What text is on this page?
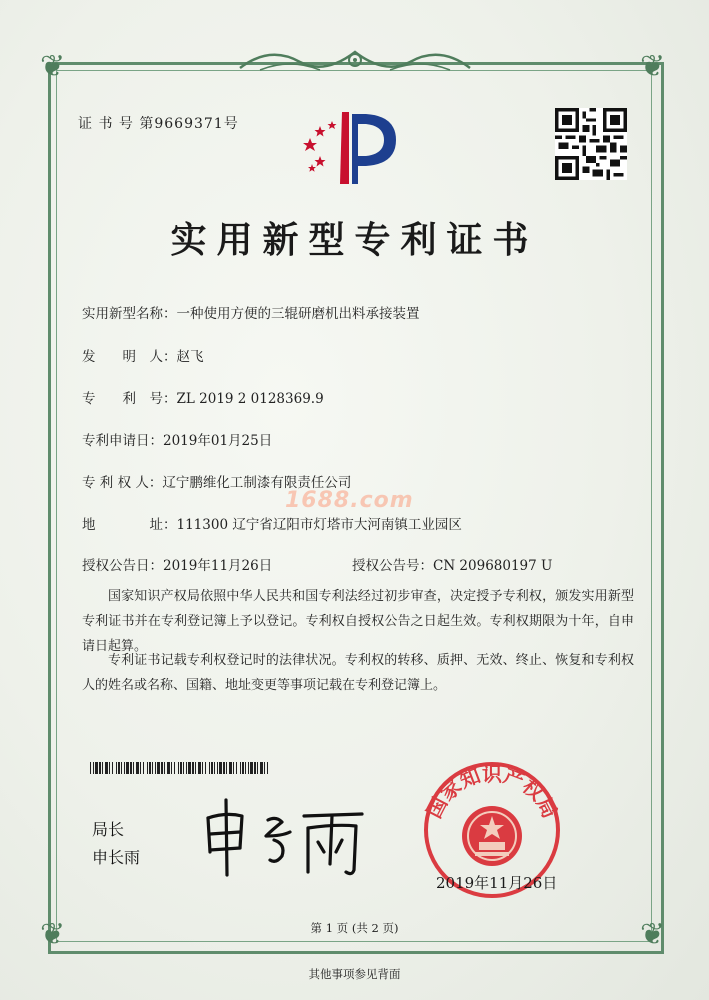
❦	❦
❦	❦
证 书 号 第9669371号
实用新型专利证书
实用新型名称：一种使用方便的三辊研磨机出料承接装置
发　　明　人：赵飞
专　　利　号：ZL 2019 2 0128369.9
专利申请日：2019年01月25日
专 利 权 人：辽宁鹏维化工制漆有限责任公司
地　　　　址：111300 辽宁省辽阳市灯塔市大河南镇工业园区
授权公告日：2019年11月26日	授权公告号：CN 209680197 U
1688.com

国家知识产权局依照中华人民共和国专利法经过初步审查，决定授予专利权，颁发实用新型专利证书并在专利登记簿上予以登记。专利权自授权公告之日起生效。专利权期限为十年，自申请日起算。

专利证书记载专利权登记时的法律状况。专利权的转移、质押、无效、终止、恢复和专利权人的姓名或名称、国籍、地址变更等事项记载在专利登记簿上。

局长
申长雨
国家知识产权局
2019年11月26日
第 1 页 (共 2 页)
其他事项参见背面
